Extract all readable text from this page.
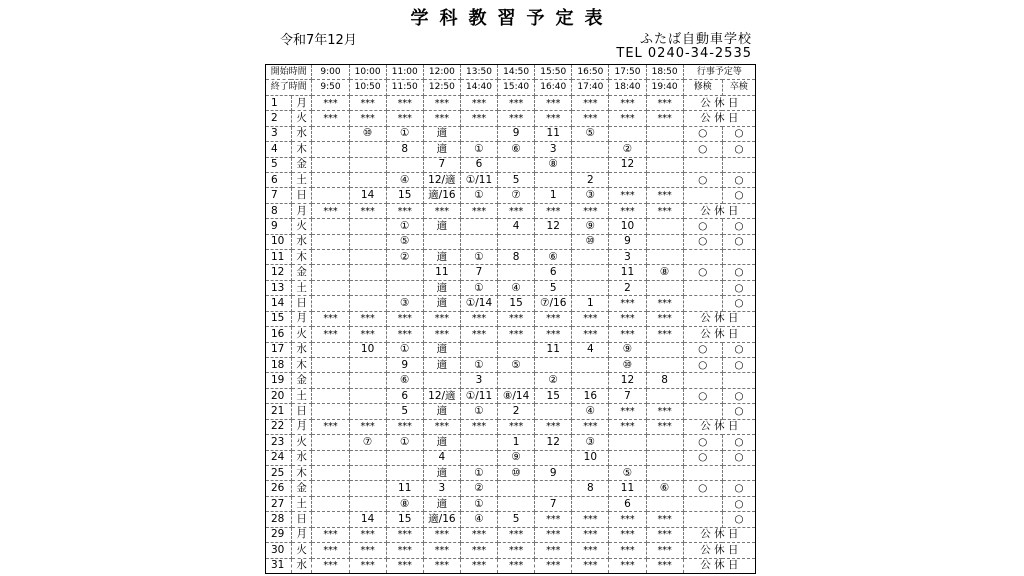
学科教習予定表
令和7年12月	ふたば自動車学校
TEL 0240-34-2535
開始時間		9:00	10:00	11:00	12:00	13:50	14:50	15:50	16:50	17:50	18:50	行事予定等	
終了時間		9:50	10:50	11:50	12:50	14:40	15:40	16:40	17:40	18:40	19:40	修検	卒検
1	月	***	***	***	***	***	***	***	***	***	***	公 休 日	
2	火	***	***	***	***	***	***	***	***	***	***	公 休 日	
3	水		⑩	①	適		9	11	⑤			○	○
4	木			8	適	①	⑥	3		②		○	○
5	金				7	6		⑧		12			
6	土			④	12/適	①/11	5		2			○	○
7	日		14	15	適/16	①	⑦	1	③	***	***		○
8	月	***	***	***	***	***	***	***	***	***	***	公 休 日	
9	火			①	適		4	12	⑨	10		○	○
10	水			⑤					⑩	9		○	○
11	木			②	適	①	8	⑥		3			
12	金				11	7		6		11	⑧	○	○
13	土				適	①	④	5		2			○
14	日			③	適	①/14	15	⑦/16	1	***	***		○
15	月	***	***	***	***	***	***	***	***	***	***	公 休 日	
16	火	***	***	***	***	***	***	***	***	***	***	公 休 日	
17	水		10	①	適			11	4	⑨		○	○
18	木			9	適	①	⑤			⑩		○	○
19	金			⑥		3		②		12	8		
20	土			6	12/適	①/11	⑧/14	15	16	7		○	○
21	日			5	適	①	2		④	***	***		○
22	月	***	***	***	***	***	***	***	***	***	***	公 休 日	
23	火		⑦	①	適		1	12	③			○	○
24	水				4		⑨		10			○	○
25	木				適	①	⑩	9		⑤			
26	金			11	3	②			8	11	⑥	○	○
27	土			⑧	適	①		7		6			○
28	日		14	15	適/16	④	5	***	***	***	***		○
29	月	***	***	***	***	***	***	***	***	***	***	公 休 日	
30	火	***	***	***	***	***	***	***	***	***	***	公 休 日	
31	水	***	***	***	***	***	***	***	***	***	***	公 休 日	
